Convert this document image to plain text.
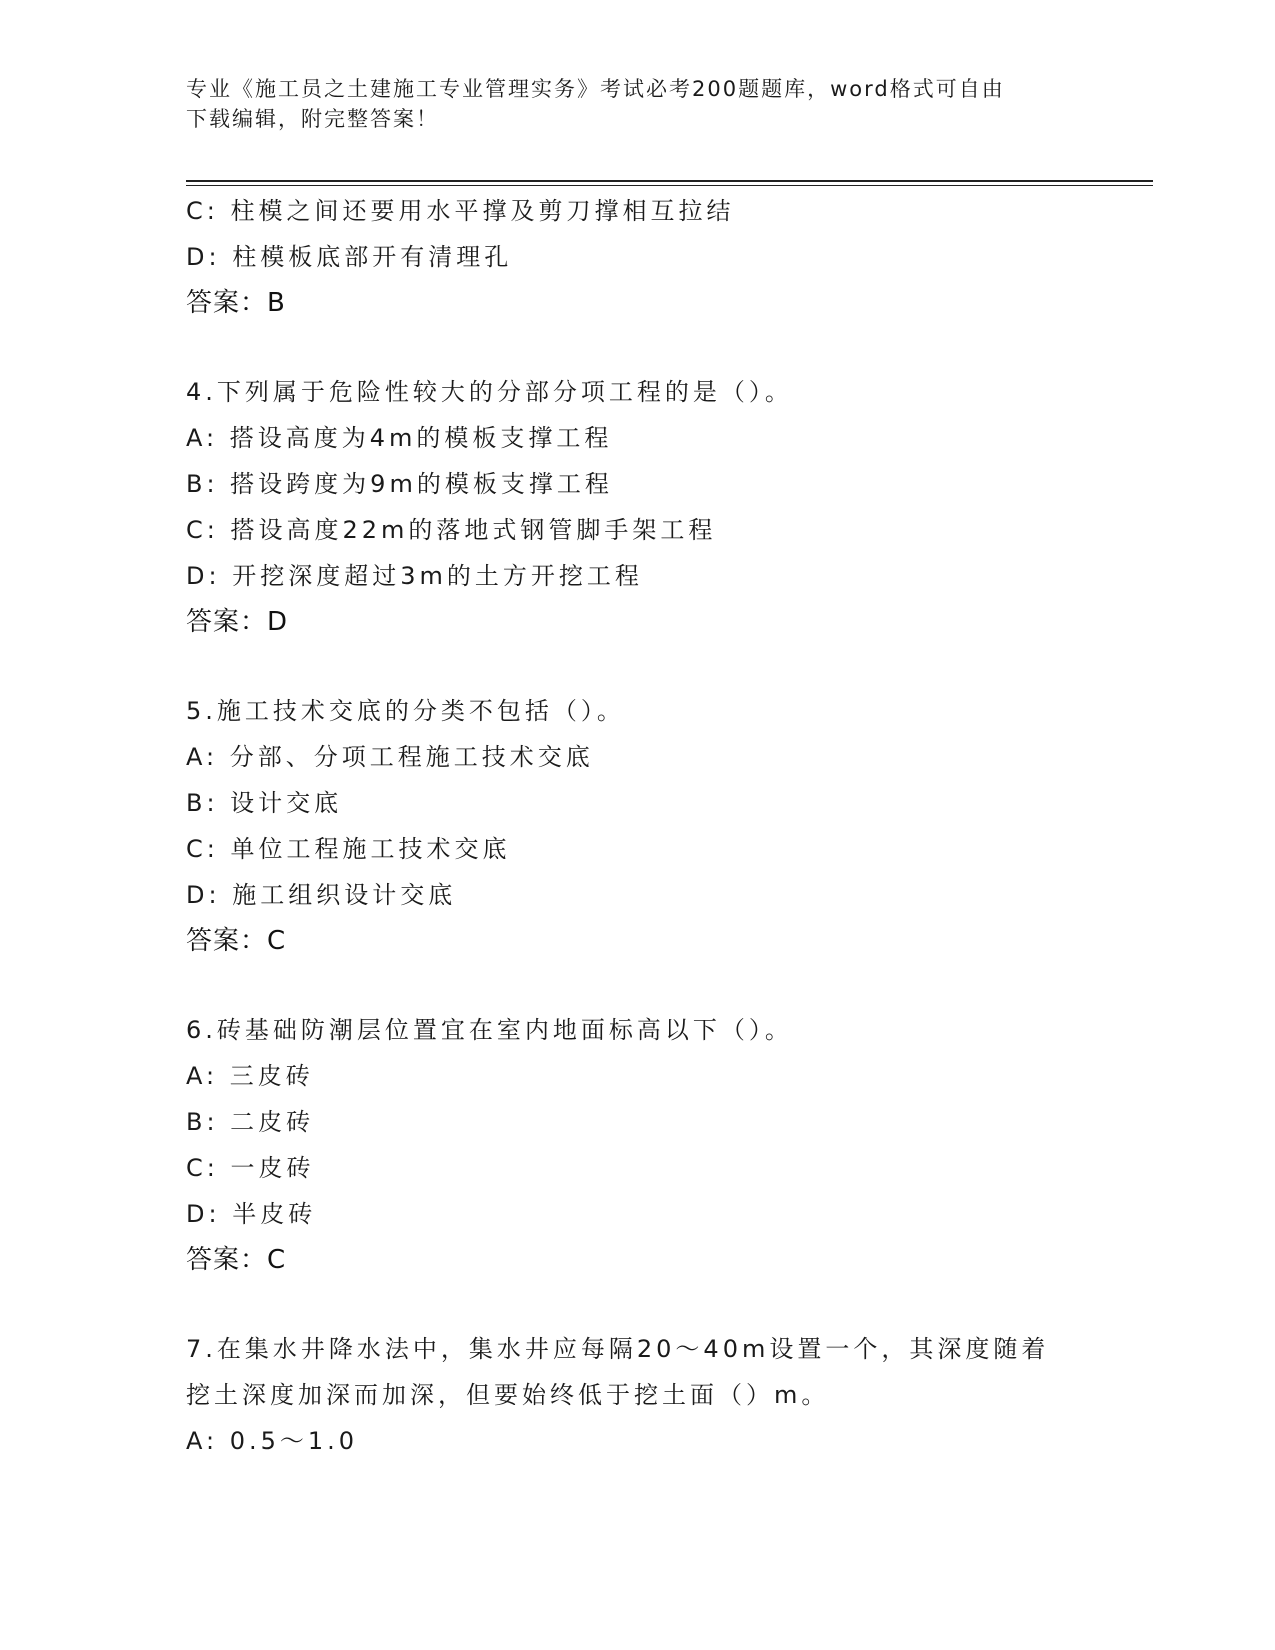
专业《施工员之土建施工专业管理实务》考试必考200题题库，word格式可自由
下载编辑，附完整答案！
C: 柱模之间还要用水平撑及剪刀撑相互拉结
D: 柱模板底部开有清理孔
答案：B
4.下列属于危险性较大的分部分项工程的是（）。
A: 搭设高度为4m的模板支撑工程
B: 搭设跨度为9m的模板支撑工程
C: 搭设高度22m的落地式钢管脚手架工程
D: 开挖深度超过3m的土方开挖工程
答案：D
5.施工技术交底的分类不包括（）。
A: 分部、分项工程施工技术交底
B: 设计交底
C: 单位工程施工技术交底
D: 施工组织设计交底
答案：C
6.砖基础防潮层位置宜在室内地面标高以下（）。
A: 三皮砖
B: 二皮砖
C: 一皮砖
D: 半皮砖
答案：C
7.在集水井降水法中，集水井应每隔20～40m设置一个，其深度随着
挖土深度加深而加深，但要始终低于挖土面（）m。
A: 0.5～1.0
